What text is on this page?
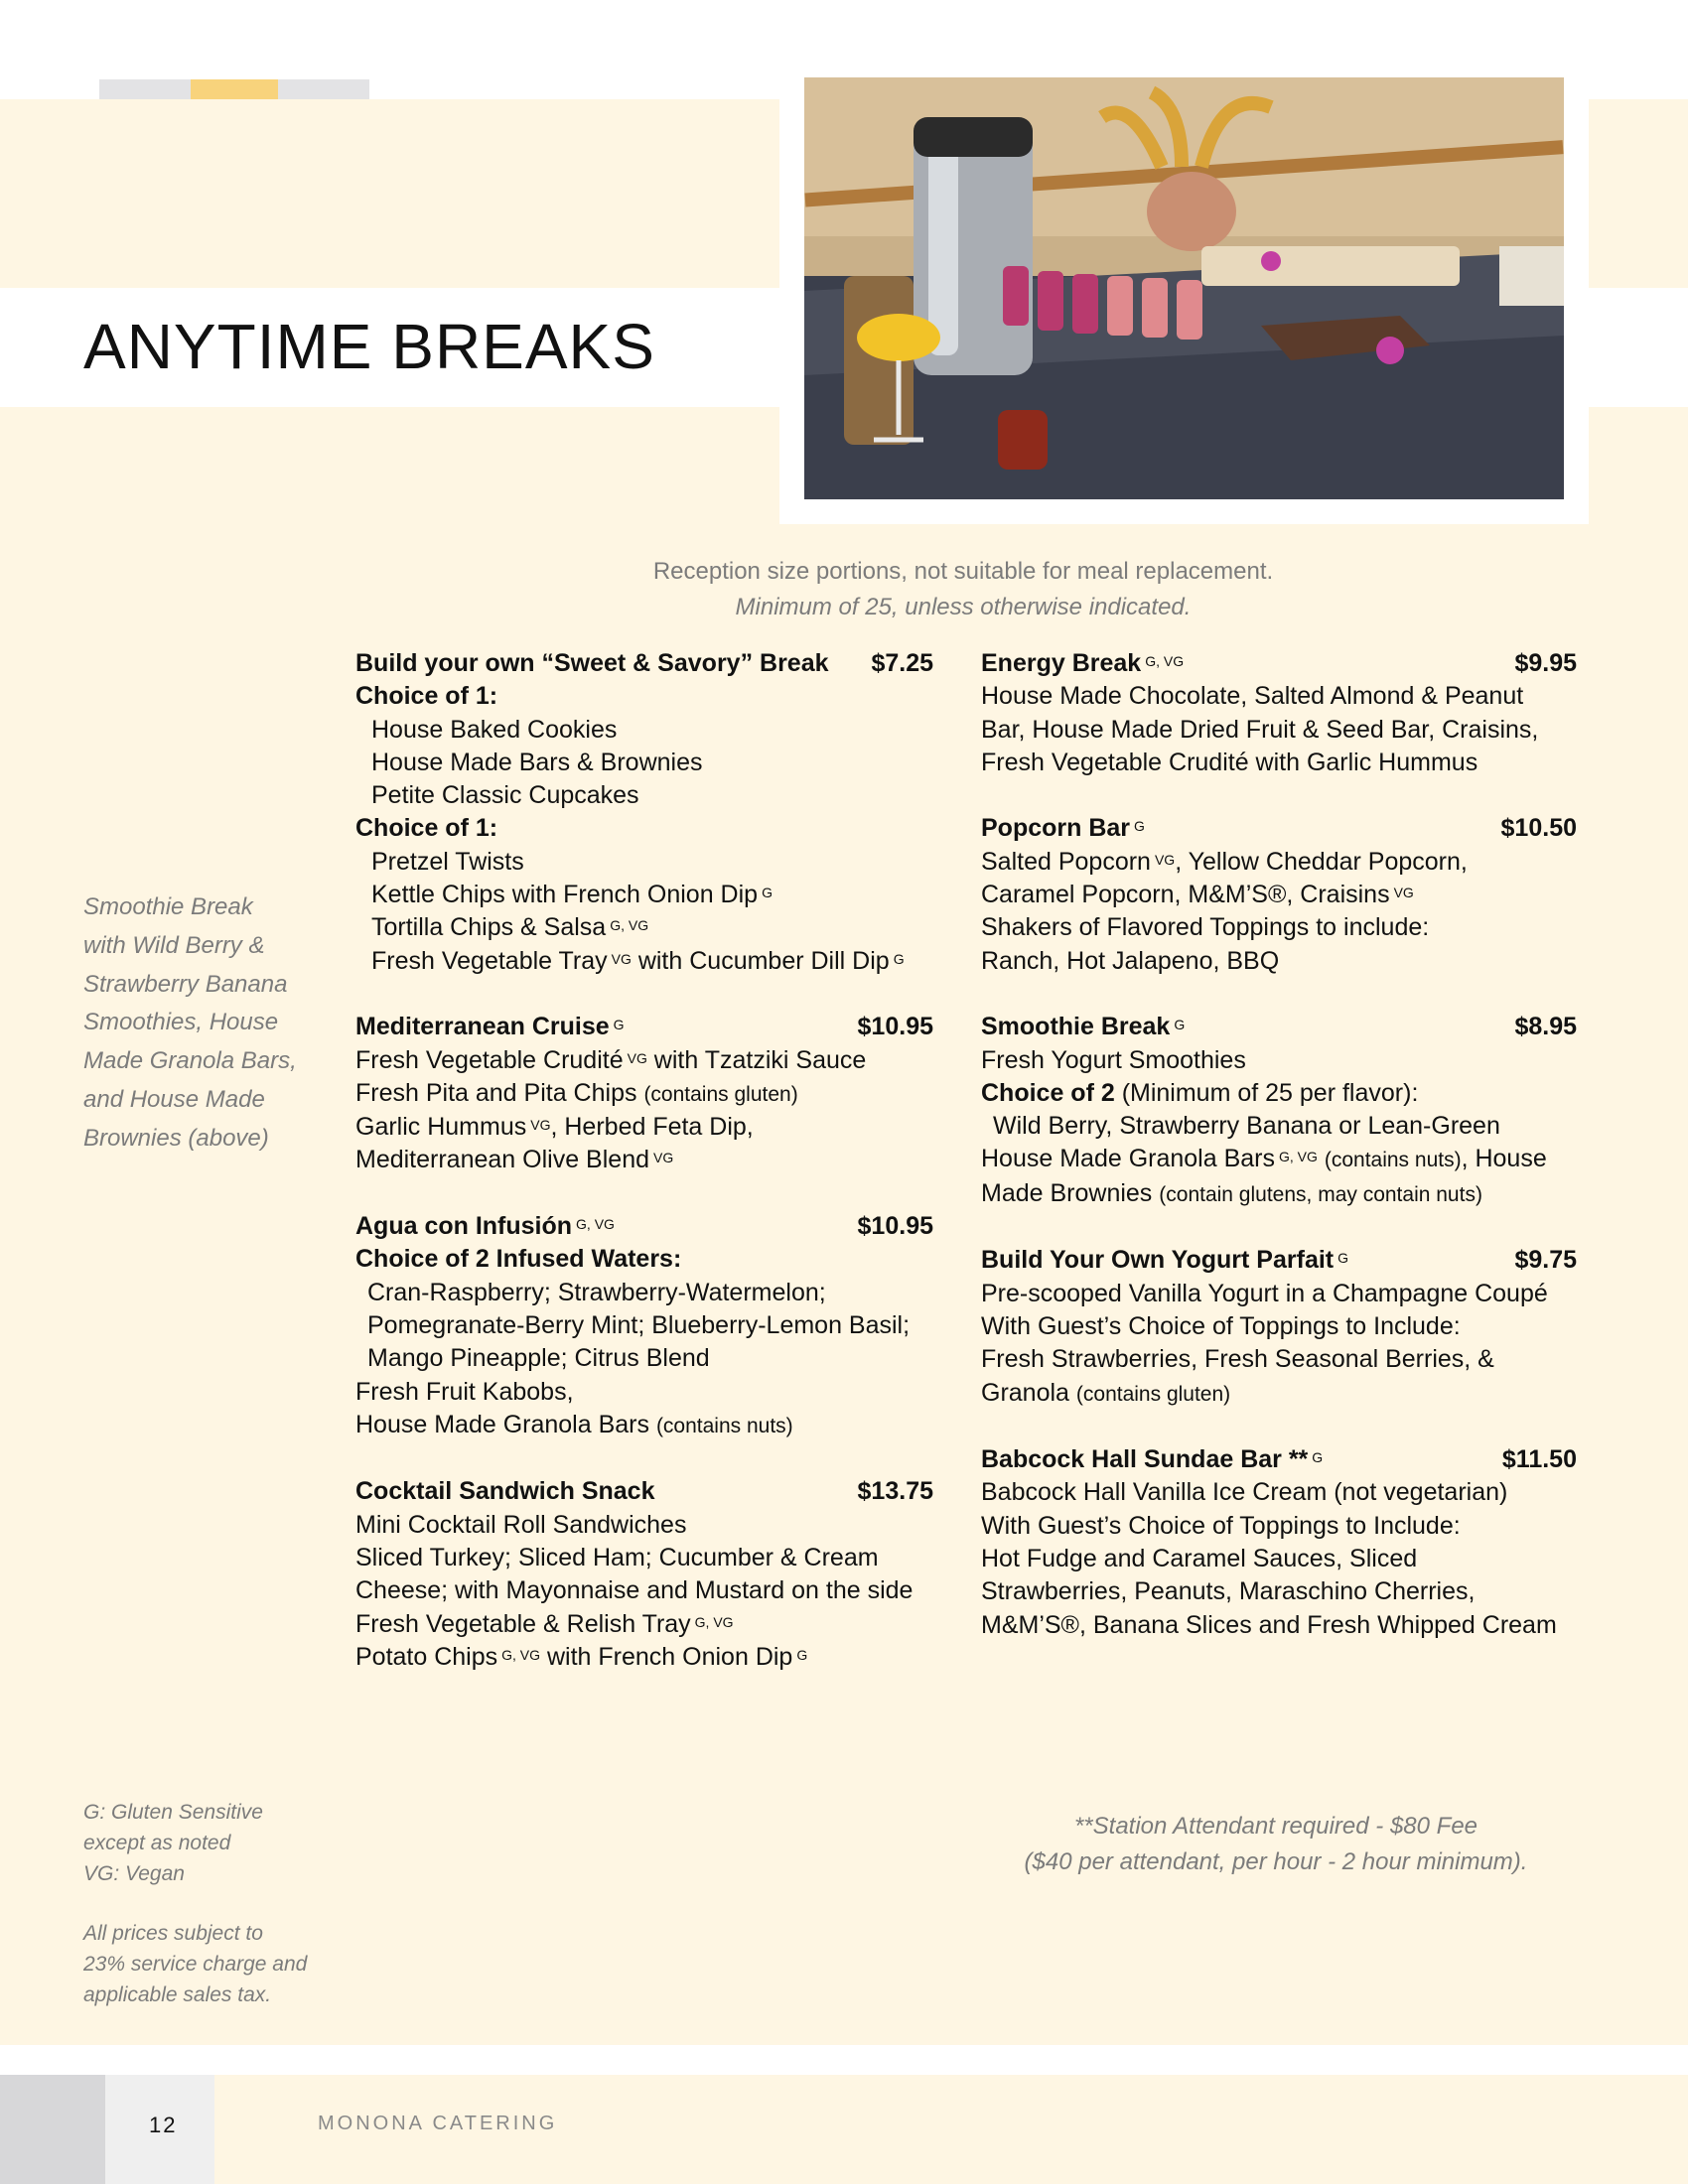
ANYTIME BREAKS
Reception size portions, not suitable for meal replacement.
Minimum of 25, unless otherwise indicated.
Smoothie Break
with Wild Berry &
Strawberry Banana
Smoothies, House
Made Granola Bars,
and House Made
Brownies (above)
Build your own “Sweet & Savory” Break $7.25
Choice of 1:
House Baked Cookies
House Made Bars & Brownies
Petite Classic Cupcakes
Choice of 1:
Pretzel Twists
Kettle Chips with French Onion Dip $^G$
Tortilla Chips & Salsa $^{G, VG}$
Fresh Vegetable Tray $^{VG}$ with Cucumber Dill Dip $^G$
Mediterranean Cruise $^G$	$10.95
Fresh Vegetable Crudité $^{VG}$ with Tzatziki Sauce
Fresh Pita and Pita Chips (contains gluten)
Garlic Hummus $^{VG}$, Herbed Feta Dip,
Mediterranean Olive Blend $^{VG}$
Agua con Infusión $^{G, VG}$	$10.95
Choice of 2 Infused Waters:
Cran-Raspberry; Strawberry-Watermelon;
Pomegranate-Berry Mint; Blueberry-Lemon Basil;
Mango Pineapple; Citrus Blend
Fresh Fruit Kabobs,
House Made Granola Bars (contains nuts)
Cocktail Sandwich Snack	$13.75
Mini Cocktail Roll Sandwiches
Sliced Turkey; Sliced Ham; Cucumber & Cream
Cheese; with Mayonnaise and Mustard on the side
Fresh Vegetable & Relish Tray $^{G, VG}$
Potato Chips $^{G, VG}$ with French Onion Dip $^G$
Energy Break $^{G, VG}$	$9.95
House Made Chocolate, Salted Almond & Peanut
Bar, House Made Dried Fruit & Seed Bar, Craisins,
Fresh Vegetable Crudité with Garlic Hummus
Popcorn Bar $^G$	$10.50
Salted Popcorn $^{VG}$, Yellow Cheddar Popcorn,
Caramel Popcorn, M&M’S®, Craisins $^{VG}$
Shakers of Flavored Toppings to include:
Ranch, Hot Jalapeno, BBQ
Smoothie Break $^G$	$8.95
Fresh Yogurt Smoothies
Choice of 2 (Minimum of 25 per flavor):
Wild Berry, Strawberry Banana or Lean-Green
House Made Granola Bars $^{G, VG}$ (contains nuts), House
Made Brownies (contain glutens, may contain nuts)
Build Your Own Yogurt Parfait $^G$	$9.75
Pre-scooped Vanilla Yogurt in a Champagne Coupé
With Guest’s Choice of Toppings to Include:
Fresh Strawberries, Fresh Seasonal Berries, &
Granola (contains gluten)
Babcock Hall Sundae Bar ** $^G$	$11.50
Babcock Hall Vanilla Ice Cream (not vegetarian)
With Guest’s Choice of Toppings to Include:
Hot Fudge and Caramel Sauces, Sliced
Strawberries, Peanuts, Maraschino Cherries,
M&M’S®, Banana Slices and Fresh Whipped Cream
G: Gluten Sensitive
except as noted
VG: Vegan
All prices subject to
23% service charge and
applicable sales tax.
**Station Attendant required - $80 Fee
($40 per attendant, per hour - 2 hour minimum).
12	MONONA CATERING
